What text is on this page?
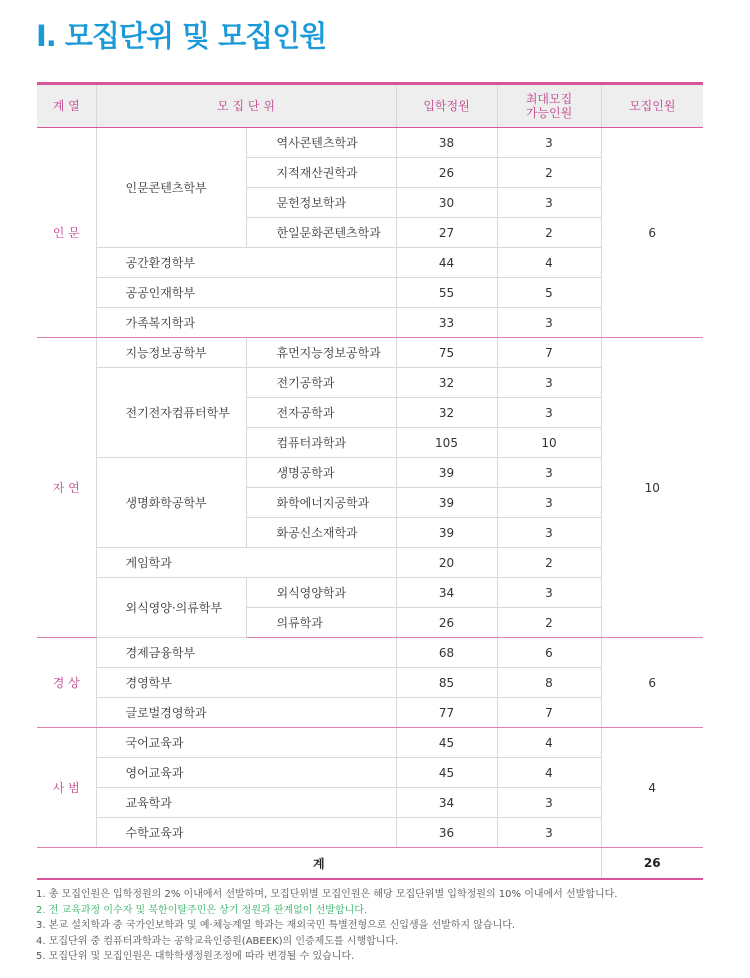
Ⅰ. 모집단위 및 모집인원
계 열	모 집 단 위		입학정원	최대모집
가능인원	모집인원
인 문	인문콘텐츠학부	역사콘텐츠학과	38	3	6
		지적재산권학과	26	2	
		문헌정보학과	30	3	
		한일문화콘텐츠학과	27	2	
	공간환경학부		44	4	
	공공인재학부		55	5	
	가족복지학과		33	3	
자 연	지능정보공학부	휴먼지능정보공학과	75	7	10
	전기전자컴퓨터학부	전기공학과	32	3	
		전자공학과	32	3	
		컴퓨터과학과	105	10	
	생명화학공학부	생명공학과	39	3	
		화학에너지공학과	39	3	
		화공신소재학과	39	3	
	게임학과		20	2	
	외식영양·의류학부	외식영양학과	34	3	
		의류학과	26	2	
경 상	경제금융학부		68	6	6
	경영학부		85	8	
	글로벌경영학과		77	7	
사 범	국어교육과		45	4	4
	영어교육과		45	4	
	교육학과		34	3	
	수학교육과		36	3	
계					26
1. 총 모집인원은 입학정원의 2% 이내에서 선발하며, 모집단위별 모집인원은 해당 모집단위별 입학정원의 10% 이내에서 선발합니다.
2. 전 교육과정 이수자 및 북한이탈주민은 상기 정원과 관계없이 선발합니다.
3. 본교 설치학과 중 국가인보학과 및 예·체능계열 학과는 재외국민 특별전형으로 신입생을 선발하지 않습니다.
4. 모집단위 중 컴퓨터과학과는 공학교육인증원(ABEEK)의 인증제도를 시행합니다.
5. 모집단위 및 모집인원은 대학학생정원조정에 따라 변경될 수 있습니다.
